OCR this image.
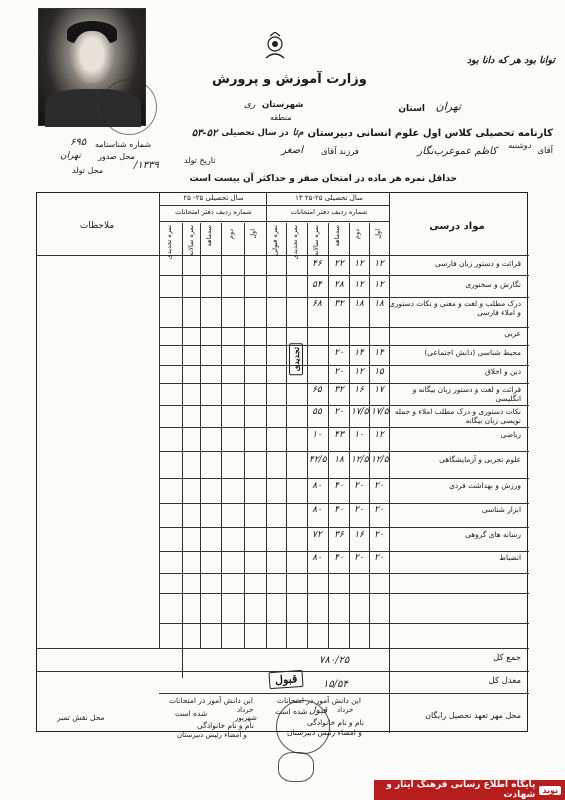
توانا بود هر که دانا بود
وزارت آموزش و پرورش
استان تهران
شهرستان
ری
منطقه
کارنامه تحصیلی کلاس اول علوم انسانی دبیرستان
م‌تا
در سال تحصیلی
۵۳-۵۲
آقای
دوشنبه
کاظم عموعرب‌نگار
فرزند آقای
اصغر
شماره شناسنامه
۶۹۵
محل صدور
تهران	تاریخ تولد
۱۳۳۹/
محل تولد
حداقل نمره هر ماده در امتحان صفر و حداکثر آن بیست است
مواد درسی
ملاحظات
سال تحصیلی ۲۵-۲۵ ۱۳
سال تحصیلی ۲۵- ۲۵
شماره ردیف دفتر امتحانات
شماره ردیف دفتر امتحانات
اول
دوم
سه‌ماهه
نمره سالانه
نمره تجدیدی
نمره قبولی
اول
دوم
سه‌ماهه
نمره سالانه
نمره تجدیدی
قرائت و دستور زبان فارسی
۱۲
۱۲
۲۲
۴۶
نگارش و سخنوری
۱۲
۱۲
۲۸
۵۴
درک مطلب و لغت و معنی و نکات دستوری و املاء فارسی
۱۸
۱۸
۳۲
۶۸
عربی
محیط شناسی (دانش اجتماعی)
۱۴
۱۴
۲۰
دین و اخلاق
۱۵
۱۲
۲۰
قرائت و لغت و دستور زبان بیگانه و انگلیسی
۱۷
۱۶
۳۲
۶۵
نکات دستوری و درک مطلب املاء و جمله نویسی زبان بیگانه
۱۷/۵
۱۷/۵
۲۰
۵۵
ریاضی
۱۲
۱۰
۴۳
۱۰
علوم تجربی و آزمایشگاهی
۱۲/۵
۱۲/۵
۱۸
۴۲/۵
ورزش و بهداشت فردی
۲۰
۲۰
۴۰
۸۰
ابزار شناسی
۲۰
۲۰
۴۰
۸۰
رسانه های گروهی
۲۰
۱۶
۳۶
۷۲
انضباط
۲۰
۲۰
۴۰
۸۰
جمع کل
۷۸۰/۲۵
معدل کل
۱۵/۵۴
قبول
تجدیدی
محل مهر تعهد تحصیل رایگان
این دانش آموز در امتحانات
خرداد
قبول
شده است
نام و نام خانوادگی
و امضاء رئیس دبیرستان
این دانش آموز در امتحانات
خرداد
شهریور
شده است
نام و نام خانوادگی
و امضاء رئیس دبیرستان
محل نقش تمبر
نوید
پایگاه اطلاع رسانی فرهنگ ایثار و شهادت
